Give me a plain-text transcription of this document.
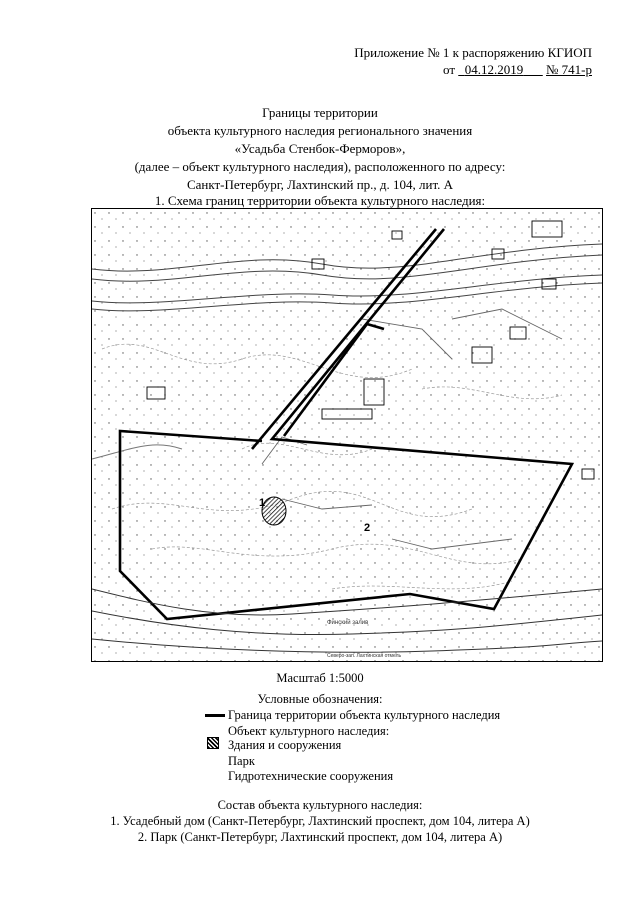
Приложение № 1 к распоряжению КГИОП
от 04.12.2019 № 741-р
Границы территории
объекта культурного наследия регионального значения
«Усадьба Стенбок-Ферморов»,
(далее – объект культурного наследия), расположенного по адресу:
Санкт-Петербург, Лахтинский пр., д. 104, лит. А
1. Схема границ территории объекта культурного наследия:
1
2
Финский залив
Северо-зап. Лахтинская отмель
Масштаб 1:5000
Условные обозначения:
Граница территории объекта культурного наследия
Объект культурного наследия:
Здания и сооружения
Парк
Гидротехнические сооружения
Состав объекта культурного наследия:
1. Усадебный дом (Санкт-Петербург, Лахтинский проспект, дом 104, литера А)
2. Парк (Санкт-Петербург, Лахтинский проспект, дом 104, литера А)
